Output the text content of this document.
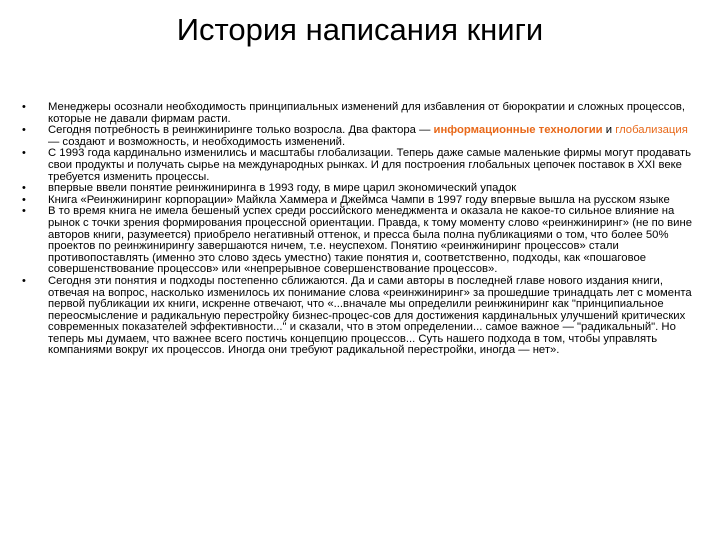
История написания книги
• Менеджеры осознали необходимость принципиальных изменений для избавления от бюрократии и сложных процессов, которые не давали фирмам расти.
• Сегодня потребность в реинжиниринге только возросла. Два фактора — информационные технологии и глобализация — создают и возможность, и необходимость изменений.
• С 1993 года кардинально изменились и масштабы глобализации. Теперь даже самые маленькие фирмы могут продавать свои продукты и получать сырье на международных рынках. И для построения глобальных цепочек поставок в XXI веке требуется изменить процессы.
• впервые ввели понятие реинжиниринга в 1993 году, в мире царил экономический упадок
• Книга «Реинжиниринг корпорации» Майкла Хаммера и Джеймса Чампи в 1997 году впервые вышла на русском языке
• В то время книга не имела бешеный успех среди российского менеджмента и оказала не какое-то сильное влияние на рынок с точки зрения формирования процессной ориентации. Правда, к тому моменту слово «реинжиниринг» (не по вине авторов книги, разумеется) приобрело негативный оттенок, и пресса была полна публикациями о том, что более 50% проектов по реинжинирингу завершаются ничем, т.е. неуспехом. Понятию «реинжиниринг процессов» стали противопоставлять (именно это слово здесь уместно) такие понятия и, соответственно, подходы, как «пошаговое совершенствование процессов» или «непрерывное совершенствование процессов».
• Сегодня эти понятия и подходы постепенно сближаются. Да и сами авторы в последней главе нового издания книги, отвечая на вопрос, насколько изменилось их понимание слова «реинжиниринг» за прошедшие тринадцать лет с момента первой публикации их книги, искренне отвечают, что «...вначале мы определили реинжиниринг как "принципиальное переосмысление и радикальную перестройку бизнес-процес-сов для достижения кардинальных улучшений критических современных показателей эффективности..." и сказали, что в этом определении... самое важное — "радикальный". Но теперь мы думаем, что важнее всего постичь концепцию процессов... Суть нашего подхода в том, чтобы управлять компаниями вокруг их процессов. Иногда они требуют радикальной перестройки, иногда — нет».
